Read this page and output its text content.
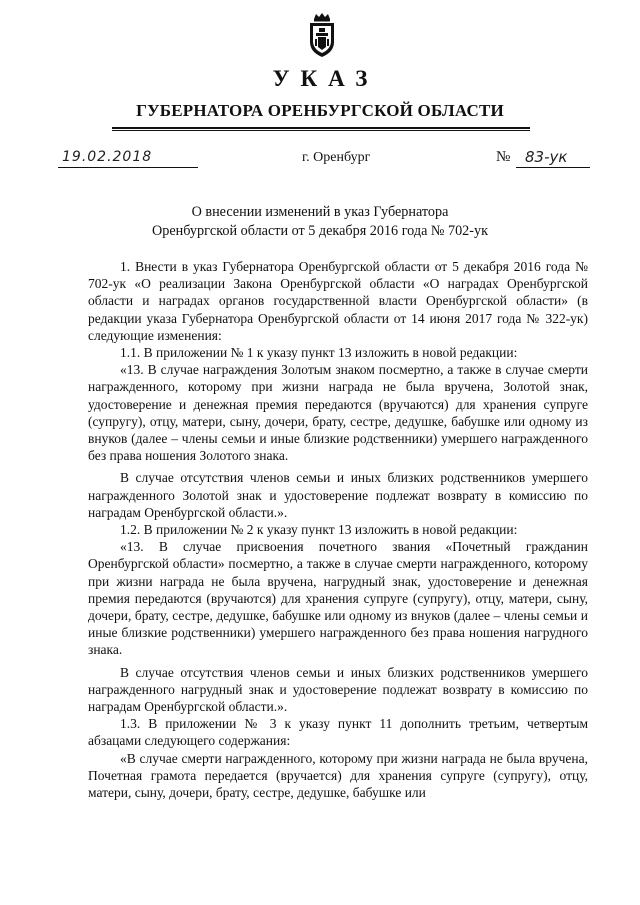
УКАЗ
ГУБЕРНАТОРА ОРЕНБУРГСКОЙ ОБЛАСТИ
19.02.2018	г. Оренбург	№ 83-ук
О внесении изменений в указ Губернатора
Оренбургской области от 5 декабря 2016 года № 702-ук

1. Внести в указ Губернатора Оренбургской области от 5 декабря 2016 года № 702-ук «О реализации Закона Оренбургской области «О наградах Оренбургской области и наградах органов государственной власти Оренбургской области» (в редакции указа Губернатора Оренбургской области от 14 июня 2017 года № 322-ук) следующие изменения:

1.1. В приложении № 1 к указу пункт 13 изложить в новой редакции:

«13. В случае награждения Золотым знаком посмертно, а также в случае смерти награжденного, которому при жизни награда не была вручена, Золотой знак, удостоверение и денежная премия передаются (вручаются) для хранения супруге (супругу), отцу, матери, сыну, дочери, брату, сестре, дедушке, бабушке или одному из внуков (далее – члены семьи и иные близкие родственники) умершего награжденного без права ношения Золотого знака.

В случае отсутствия членов семьи и иных близких родственников умершего награжденного Золотой знак и удостоверение подлежат возврату в комиссию по наградам Оренбургской области.».

1.2. В приложении № 2 к указу пункт 13 изложить в новой редакции:

«13. В случае присвоения почетного звания «Почетный гражданин Оренбургской области» посмертно, а также в случае смерти награжденного, которому при жизни награда не была вручена, нагрудный знак, удостоверение и денежная премия передаются (вручаются) для хранения супруге (супругу), отцу, матери, сыну, дочери, брату, сестре, дедушке, бабушке или одному из внуков (далее – члены семьи и иные близкие родственники) умершего награжденного без права ношения нагрудного знака.

В случае отсутствия членов семьи и иных близких родственников умершего награжденного нагрудный знак и удостоверение подлежат возврату в комиссию по наградам Оренбургской области.».

1.3. В приложении № 3 к указу пункт 11 дополнить третьим, четвертым абзацами следующего содержания:

«В случае смерти награжденного, которому при жизни награда не была вручена, Почетная грамота передается (вручается) для хранения супруге (супругу), отцу, матери, сыну, дочери, брату, сестре, дедушке, бабушке или
